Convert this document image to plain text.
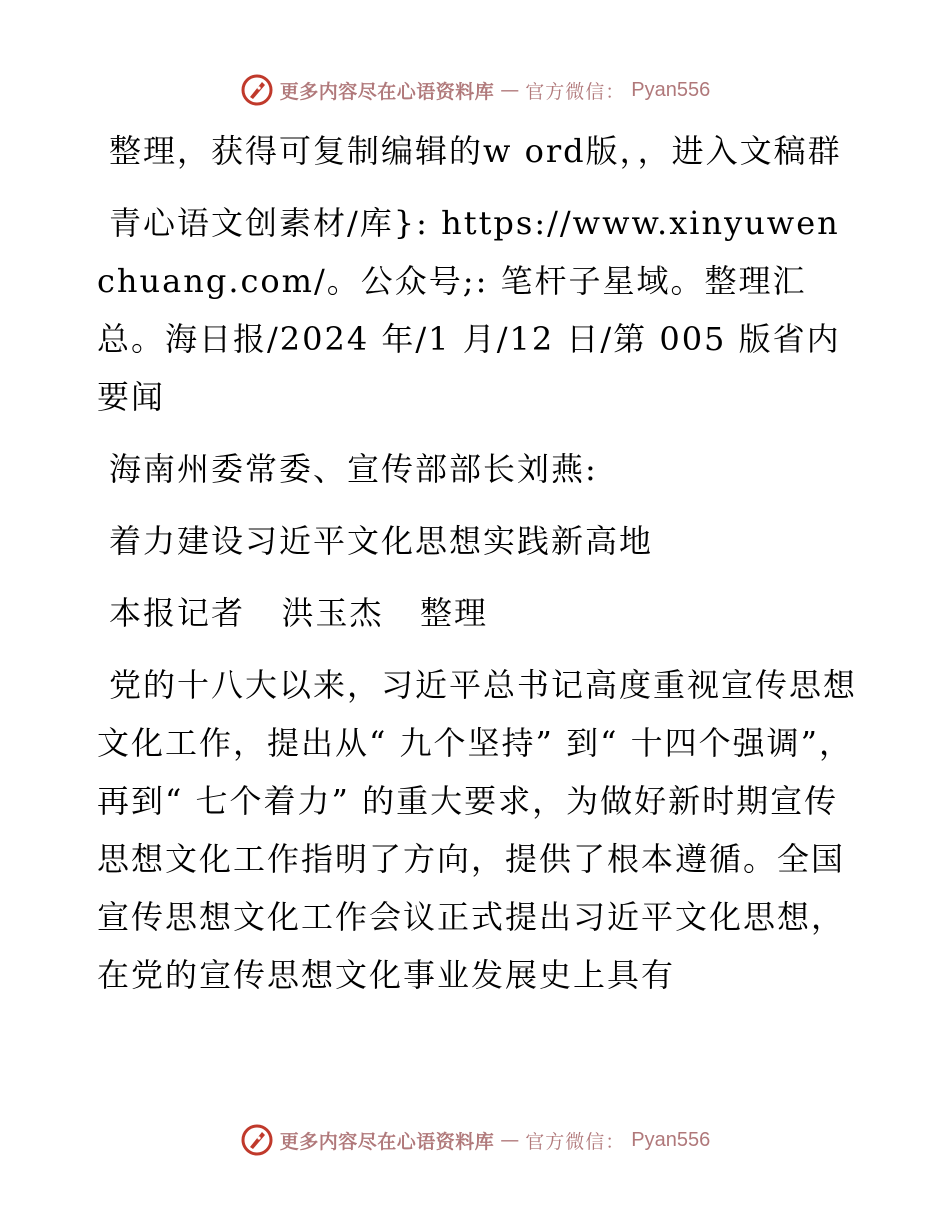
更多内容尽在心语资料库 — 官方微信： Pyan556

整理，获得可复制编辑的w ord版，，进入文稿群

青心语文创素材/库}: https://www.xinyuwenchuang.com/。公众号;: 笔杆子星域。整理汇总。海日报/2024 年/1 月/12 日/第 005 版省内要闻

海南州委常委、宣传部部长刘燕:

着力建设习近平文化思想实践新高地

本报记者   洪玉杰   整理

党的十八大以来，习近平总书记高度重视宣传思想文化工作，提出从“ 九个坚持” 到“ 十四个强调”，再到“ 七个着力” 的重大要求，为做好新时期宣传思想文化工作指明了方向，提供了根本遵循。全国宣传思想文化工作会议正式提出习近平文化思想，在党的宣传思想文化事业发展史上具有

更多内容尽在心语资料库 — 官方微信： Pyan556
